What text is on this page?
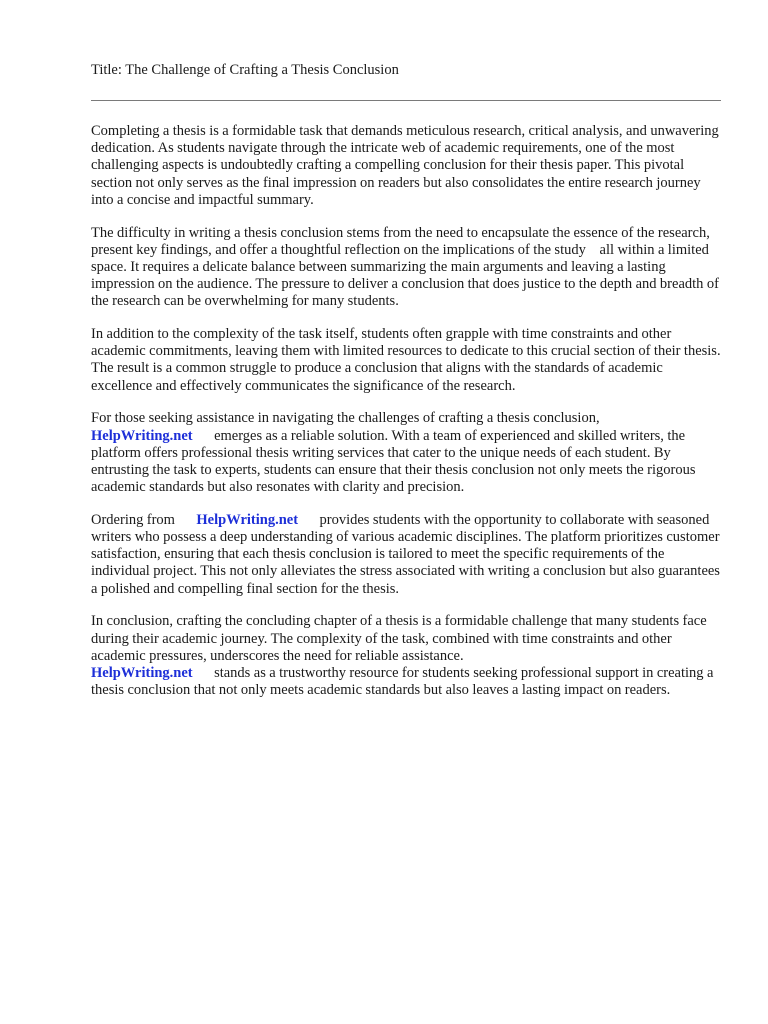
Title: The Challenge of Crafting a Thesis Conclusion

Completing a thesis is a formidable task that demands meticulous research, critical analysis, and unwavering dedication. As students navigate through the intricate web of academic requirements, one of the most challenging aspects is undoubtedly crafting a compelling conclusion for their thesis paper. This pivotal section not only serves as the final impression on readers but also consolidates the entire research journey into a concise and impactful summary.

The difficulty in writing a thesis conclusion stems from the need to encapsulate the essence of the research, present key findings, and offer a thoughtful reflection on the implications of the study    all within a limited space. It requires a delicate balance between summarizing the main arguments and leaving a lasting impression on the audience. The pressure to deliver a conclusion that does justice to the depth and breadth of the research can be overwhelming for many students.

In addition to the complexity of the task itself, students often grapple with time constraints and other academic commitments, leaving them with limited resources to dedicate to this crucial section of their thesis. The result is a common struggle to produce a conclusion that aligns with the standards of academic excellence and effectively communicates the significance of the research.

For those seeking assistance in navigating the challenges of crafting a thesis conclusion,
HelpWriting.net emerges as a reliable solution. With a team of experienced and skilled writers, the platform offers professional thesis writing services that cater to the unique needs of each student. By entrusting the task to experts, students can ensure that their thesis conclusion not only meets the rigorous academic standards but also resonates with clarity and precision.

Ordering from HelpWriting.net provides students with the opportunity to collaborate with seasoned writers who possess a deep understanding of various academic disciplines. The platform prioritizes customer satisfaction, ensuring that each thesis conclusion is tailored to meet the specific requirements of the individual project. This not only alleviates the stress associated with writing a conclusion but also guarantees a polished and compelling final section for the thesis.

In conclusion, crafting the concluding chapter of a thesis is a formidable challenge that many students face during their academic journey. The complexity of the task, combined with time constraints and other academic pressures, underscores the need for reliable assistance.
HelpWriting.net stands as a trustworthy resource for students seeking professional support in creating a thesis conclusion that not only meets academic standards but also leaves a lasting impact on readers.
